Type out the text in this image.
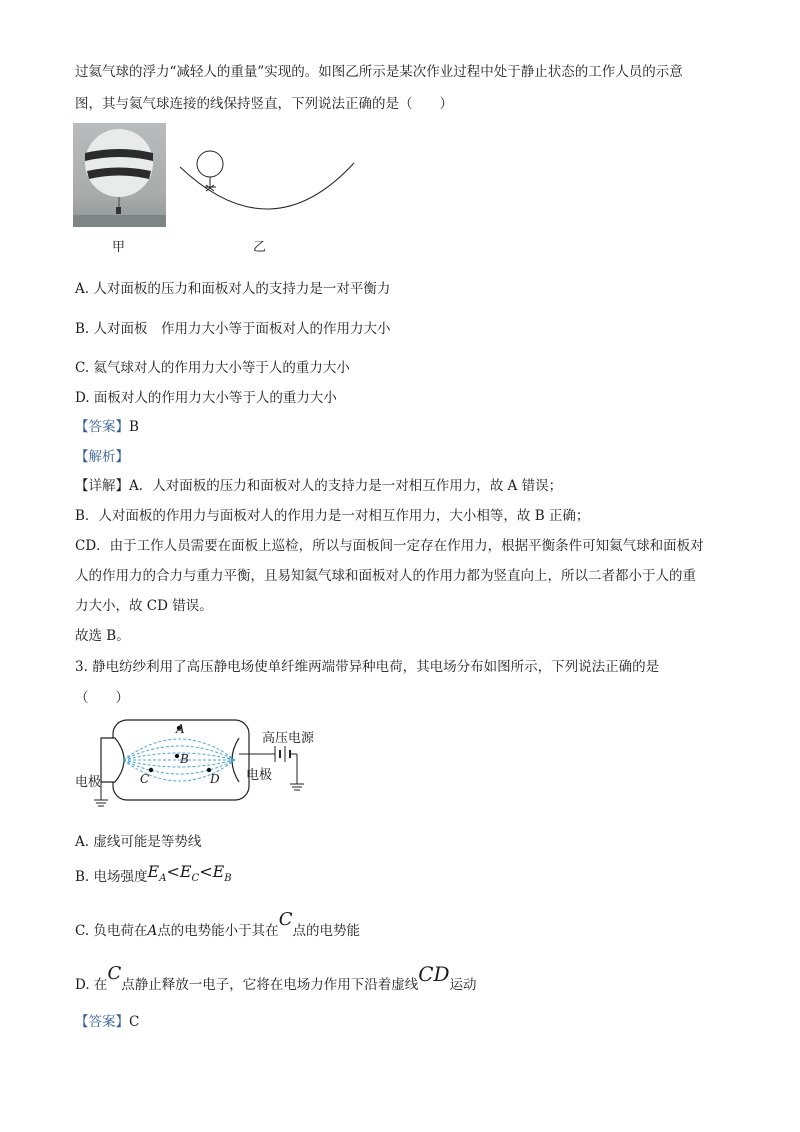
过氦气球的浮力“减轻人的重量”实现的。如图乙所示是某次作业过程中处于静止状态的工作人员的示意
图，其与氦气球连接的线保持竖直，下列说法正确的是（　　）
甲	乙
A. 人对面板的压力和面板对人的支持力是一对平衡力
B. 人对面板　作用力大小等于面板对人的作用力大小
C. 氦气球对人的作用力大小等于人的重力大小
D. 面板对人的作用力大小等于人的重力大小
【答案】B
【解析】
【详解】A．人对面板的压力和面板对人的支持力是一对相互作用力，故 A 错误；
B．人对面板的作用力与面板对人的作用力是一对相互作用力，大小相等，故 B 正确；
CD．由于工作人员需要在面板上巡检，所以与面板间一定存在作用力，根据平衡条件可知氦气球和面板对
人的作用力的合力与重力平衡，且易知氦气球和面板对人的作用力都为竖直向上，所以二者都小于人的重
力大小，故 CD 错误。
故选 B。
3. 静电纺纱利用了高压静电场使单纤维两端带异种电荷，其电场分布如图所示，下列说法正确的是
（　　）
A
B
C	D
高压电源
电极	电极
A. 虚线可能是等势线
B. 电场强度$E_A<E_C<E_B$
C. 负电荷在A点的电势能小于其在C点的电势能
D. 在C点静止释放一电子，它将在电场力作用下沿着虚线CD运动
【答案】C
